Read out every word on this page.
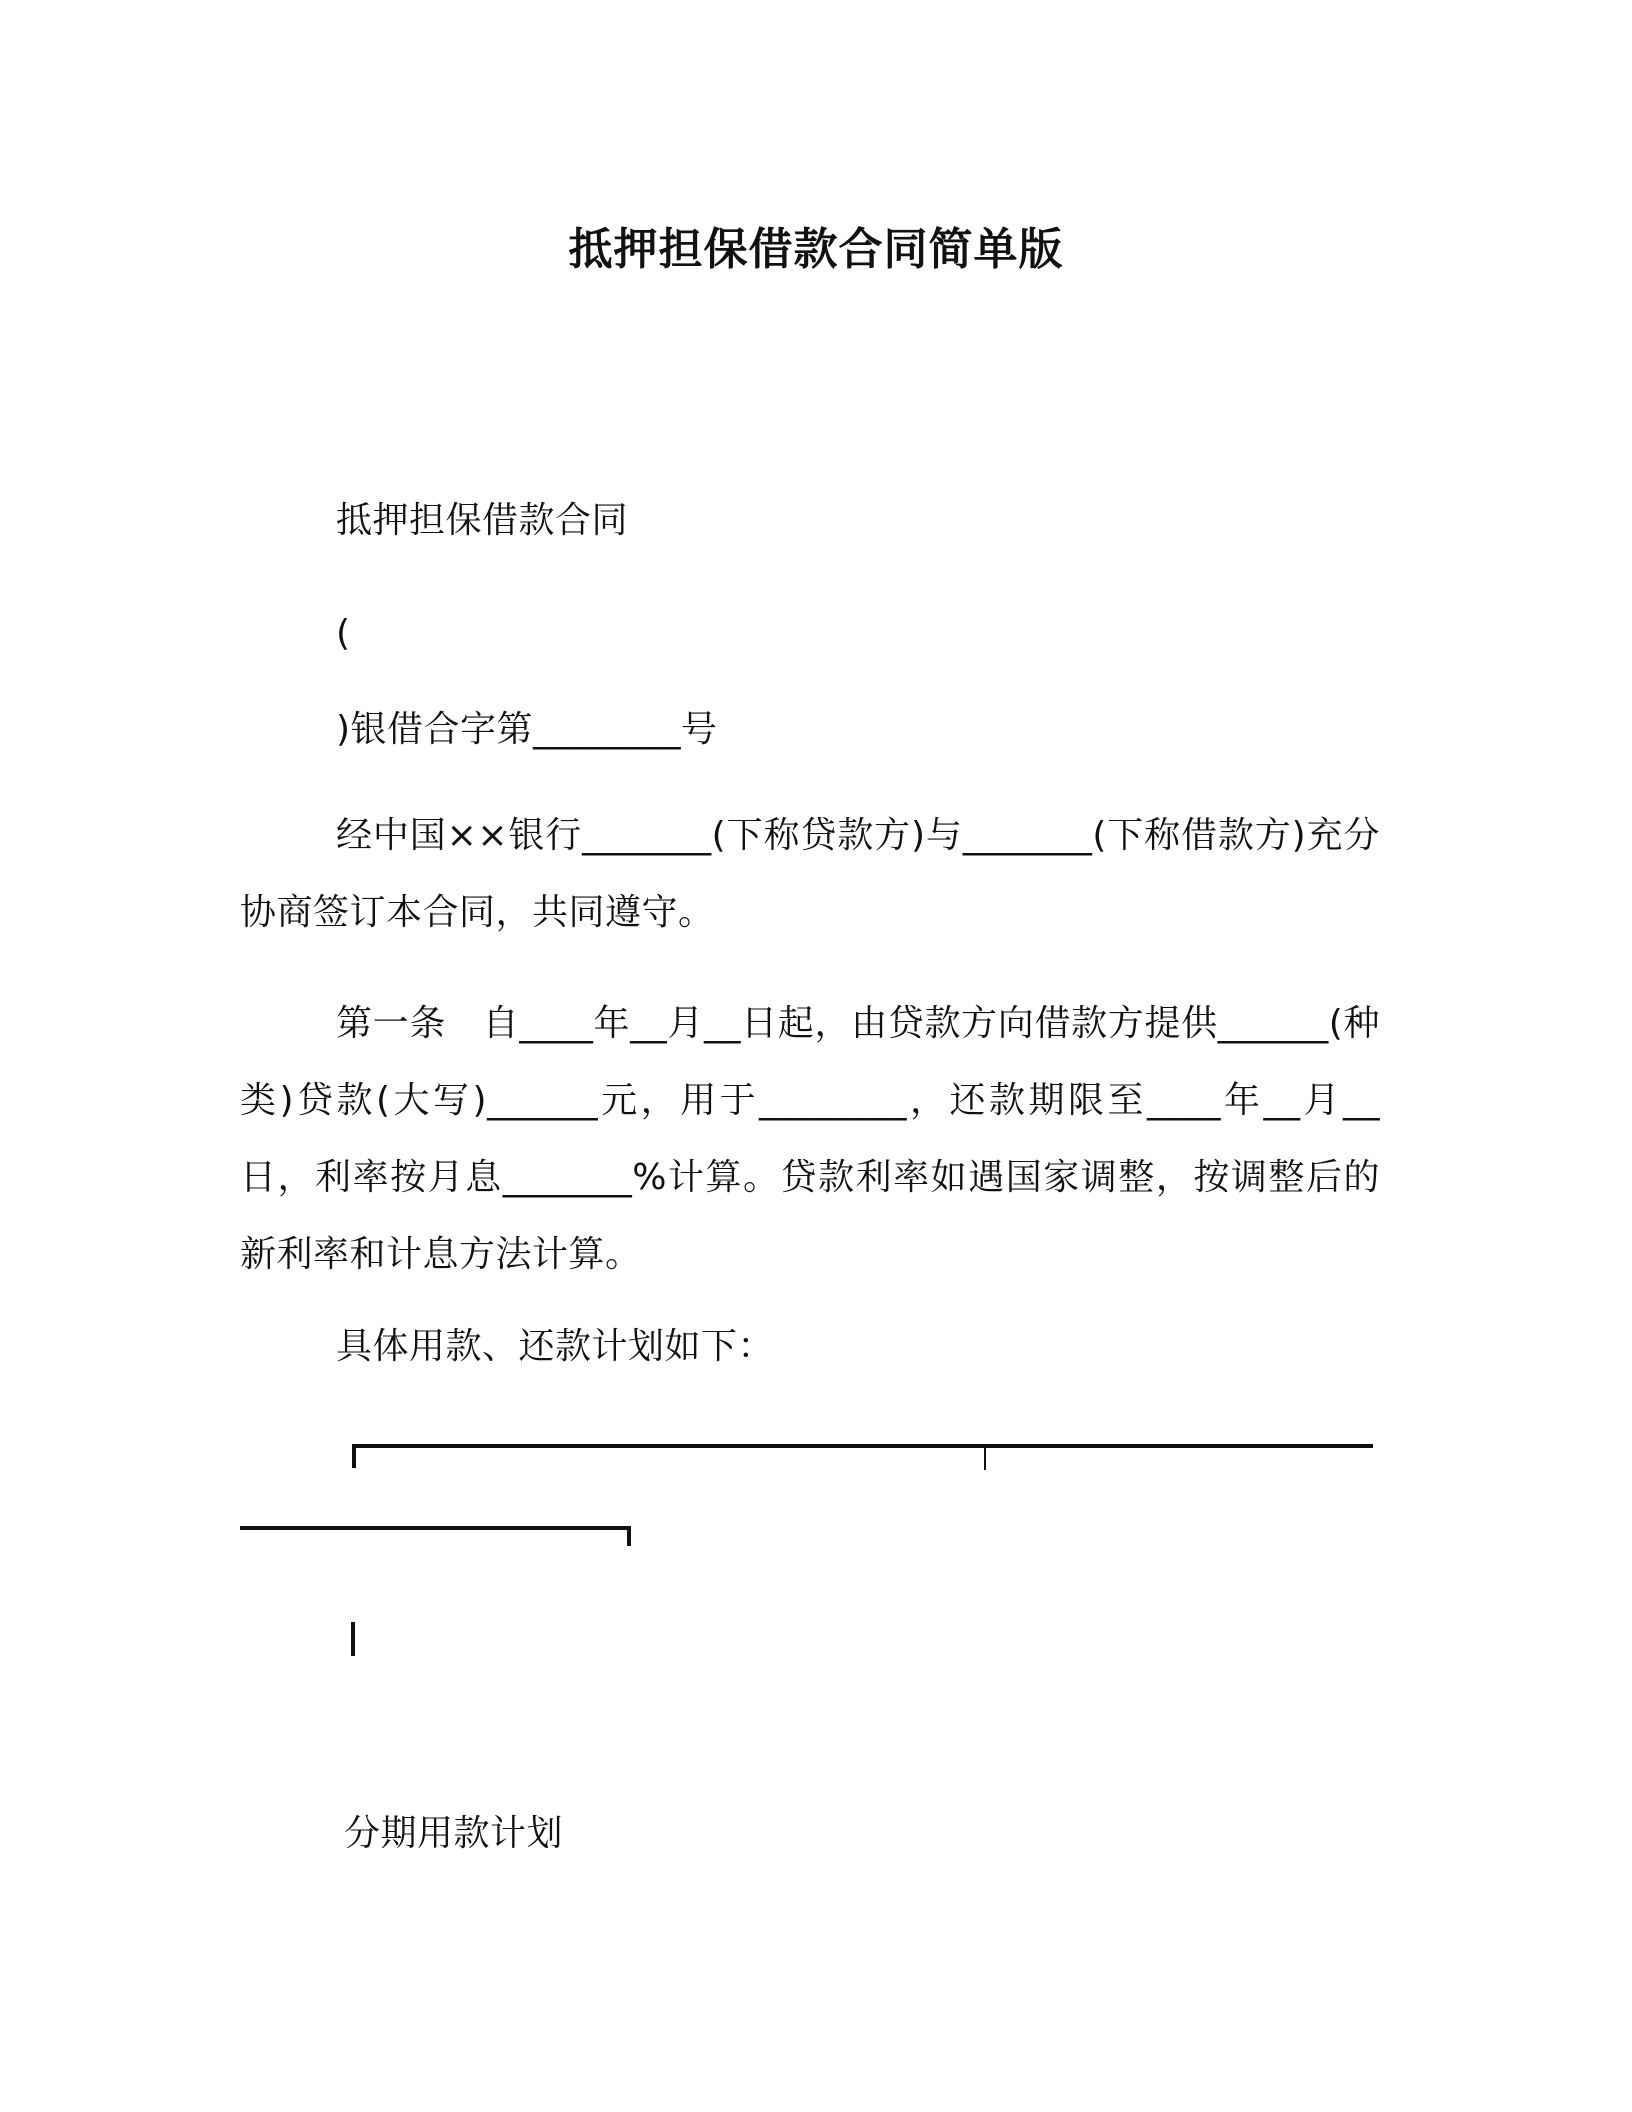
抵押担保借款合同简单版
抵押担保借款合同
(
)银借合字第________号
经中国××银行_______(下称贷款方)与_______(下称借款方)充分协商签订本合同，共同遵守。
第一条　自____年__月__日起，由贷款方向借款方提供______(种类)贷款(大写)______元，用于________，还款期限至____年__月__日，利率按月息_______%计算。贷款利率如遇国家调整，按调整后的新利率和计息方法计算。
具体用款、还款计划如下：
分期用款计划
